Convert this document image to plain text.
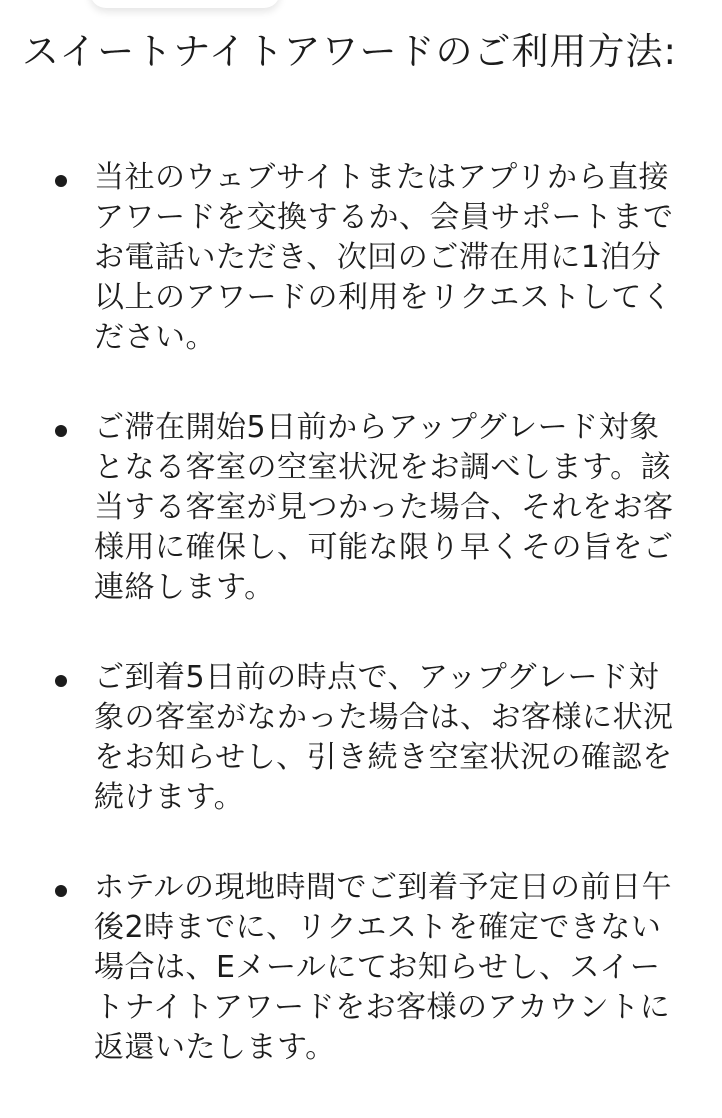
スイートナイトアワードのご利用方法:
当社のウェブサイトまたはアプリから直接アワードを交換するか、会員サポートまでお電話いただき、次回のご滞在用に1泊分以上のアワードの利用をリクエストしてください。
ご滞在開始5日前からアップグレード対象となる客室の空室状況をお調べします。該当する客室が見つかった場合、それをお客様用に確保し、可能な限り早くその旨をご連絡します。
ご到着5日前の時点で、アップグレード対象の客室がなかった場合は、お客様に状況をお知らせし、引き続き空室状況の確認を続けます。
ホテルの現地時間でご到着予定日の前日午後2時までに、リクエストを確定できない場合は、Eメールにてお知らせし、スイートナイトアワードをお客様のアカウントに返還いたします。
